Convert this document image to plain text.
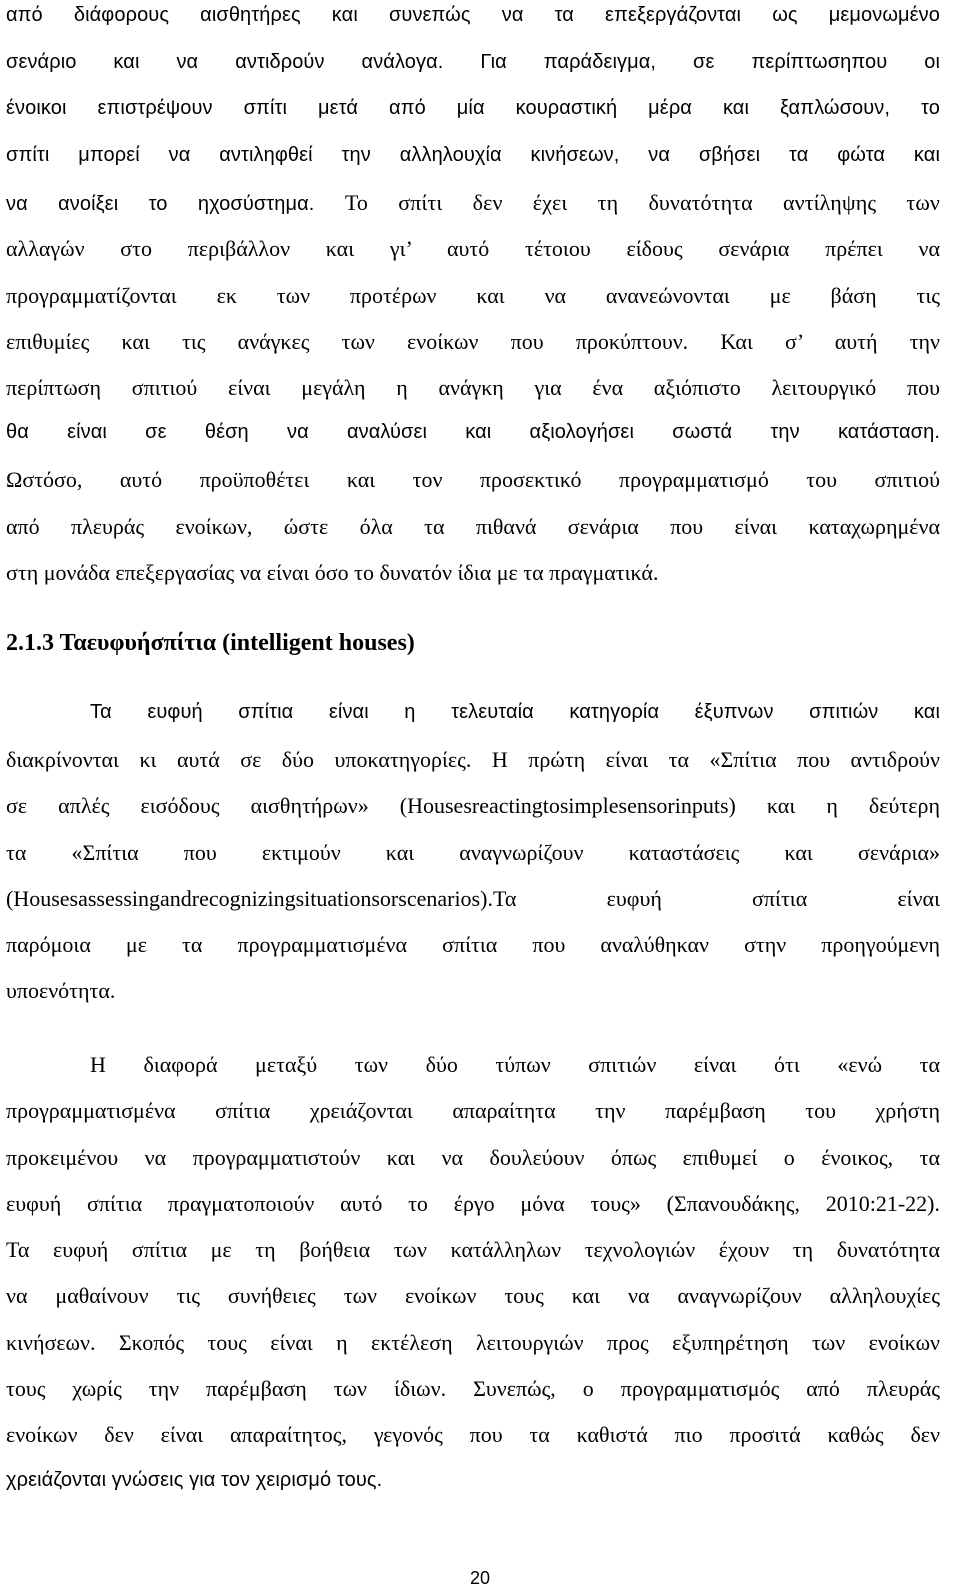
από διάφορους αισθητήρες και συνεπώς να τα επεξεργάζονται ως μεμονωμένο
σενάριο και να αντιδρούν ανάλογα. Για παράδειγμα, σε περίπτωσηπου οι
ένοικοι επιστρέψουν σπίτι μετά από μία κουραστική μέρα και ξαπλώσουν, το
σπίτι μπορεί να αντιληφθεί την αλληλουχία κινήσεων, να σβήσει τα φώτα και
να ανοίξει το ηχοσύστημα. Το σπίτι δεν έχει τη δυνατότητα αντίληψης των
αλλαγών στο περιβάλλον και γι’ αυτό τέτοιου είδους σενάρια πρέπει να
προγραμματίζονται εκ των προτέρων και να ανανεώνονται με βάση τις
επιθυμίες και τις ανάγκες των ενοίκων που προκύπτουν. Και σ’ αυτή την
περίπτωση σπιτιού είναι μεγάλη η ανάγκη για ένα αξιόπιστο λειτουργικό που
θα είναι σε θέση να αναλύσει και αξιολογήσει σωστά την κατάσταση.
Ωστόσο, αυτό προϋποθέτει και τον προσεκτικό προγραμματισμό του σπιτιού
από πλευράς ενοίκων, ώστε όλα τα πιθανά σενάρια που είναι καταχωρημένα
στη μονάδα επεξεργασίας να είναι όσο το δυνατόν ίδια με τα πραγματικά.
2.1.3 Ταευφυήσπίτια (intelligent houses)
Τα ευφυή σπίτια είναι η τελευταία κατηγορία έξυπνων σπιτιών και
διακρίνονται κι αυτά σε δύο υποκατηγορίες. Η πρώτη είναι τα «Σπίτια που αντιδρούν
σε απλές εισόδους αισθητήρων» (Housesreactingtosimplesensorinputs) και η δεύτερη
τα «Σπίτια που εκτιμούν και αναγνωρίζουν καταστάσεις και σενάρια»
(Housesassessingandrecognizingsituationsorscenarios).Τα ευφυή σπίτια είναι
παρόμοια με τα προγραμματισμένα σπίτια που αναλύθηκαν στην προηγούμενη
υποενότητα.
Η διαφορά μεταξύ των δύο τύπων σπιτιών είναι ότι «ενώ τα
προγραμματισμένα σπίτια χρειάζονται απαραίτητα την παρέμβαση του χρήστη
προκειμένου να προγραμματιστούν και να δουλεύουν όπως επιθυμεί ο ένοικος, τα
ευφυή σπίτια πραγματοποιούν αυτό το έργο μόνα τους» (Σπανουδάκης, 2010:21-22).
Τα ευφυή σπίτια με τη βοήθεια των κατάλληλων τεχνολογιών έχουν τη δυνατότητα
να μαθαίνουν τις συνήθειες των ενοίκων τους και να αναγνωρίζουν αλληλουχίες
κινήσεων. Σκοπός τους είναι η εκτέλεση λειτουργιών προς εξυπηρέτηση των ενοίκων
τους χωρίς την παρέμβαση των ίδιων. Συνεπώς, ο προγραμματισμός από πλευράς
ενοίκων δεν είναι απαραίτητος, γεγονός που τα καθιστά πιο προσιτά καθώς δεν
χρειάζονται γνώσεις για τον χειρισμό τους.
20
